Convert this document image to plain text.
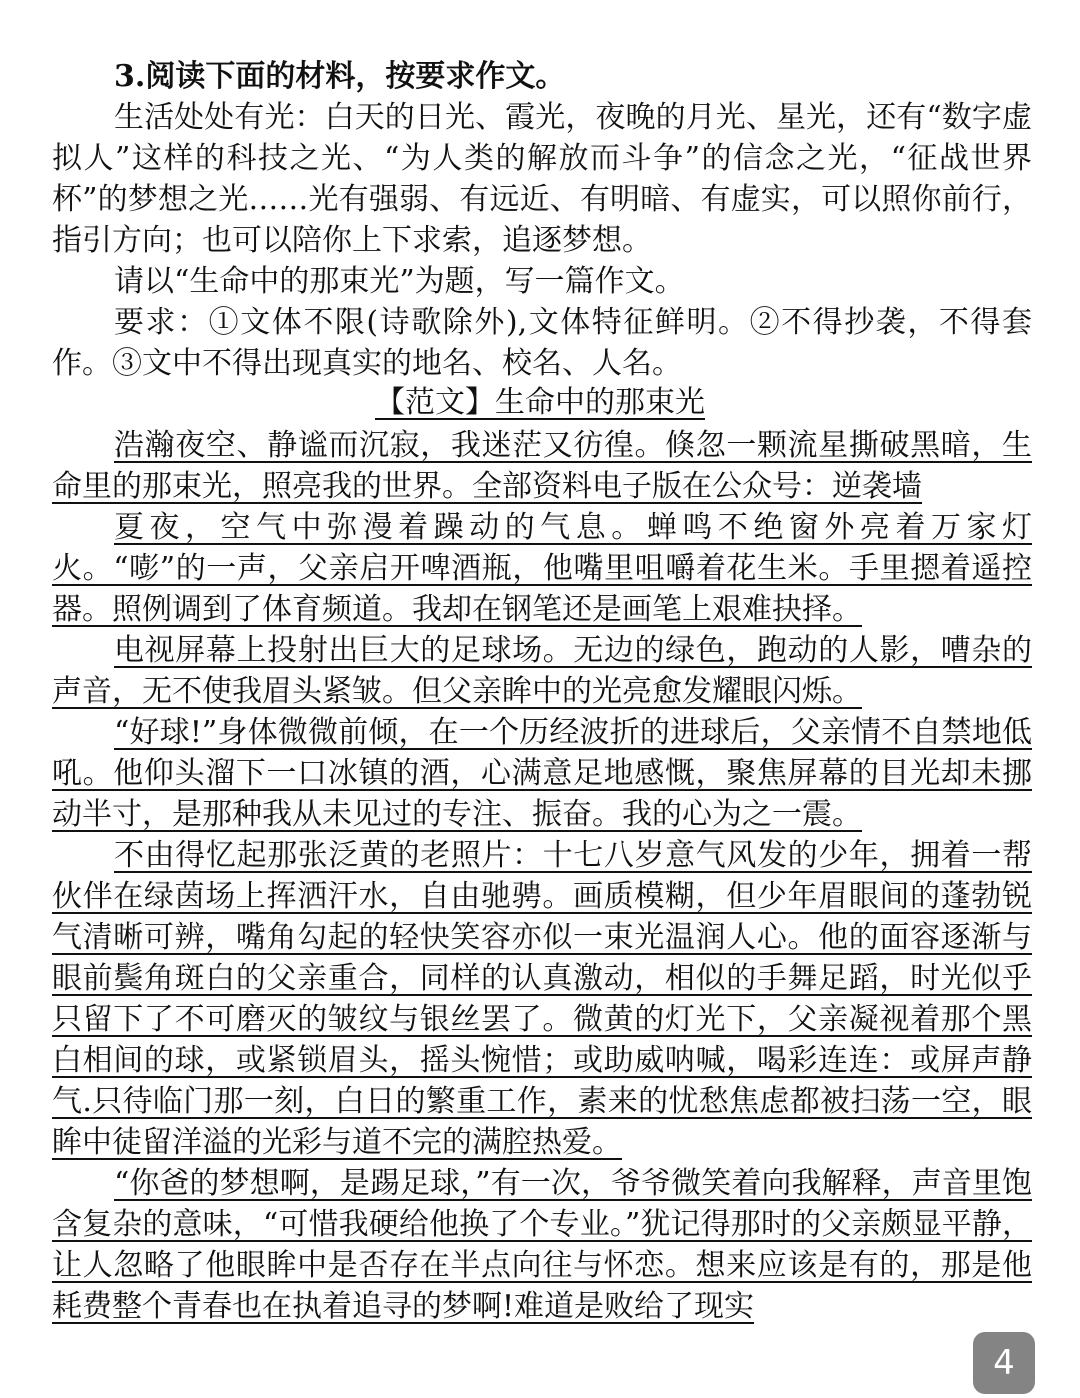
3.阅读下面的材料，按要求作文。

生活处处有光：白天的日光、霞光，夜晚的月光、星光，还有“数字虚拟人”这样的科技之光、“为人类的解放而斗争”的信念之光，“征战世界杯”的梦想之光……光有强弱、有远近、有明暗、有虚实，可以照你前行，指引方向；也可以陪你上下求索，追逐梦想。

请以“生命中的那束光”为题，写一篇作文。

要求：①文体不限(诗歌除外),文体特征鲜明。②不得抄袭，不得套作。③文中不得出现真实的地名、校名、人名。

【范文】生命中的那束光

浩瀚夜空、静谧而沉寂，我迷茫又彷徨。倏忽一颗流星撕破黑暗，生命里的那束光，照亮我的世界。全部资料电子版在公众号：逆袭墙

夏夜，空气中弥漫着躁动的气息。蝉鸣不绝窗外亮着万家灯火。“嘭”的一声，父亲启开啤酒瓶，他嘴里咀嚼着花生米。手里摁着遥控器。照例调到了体育频道。我却在钢笔还是画笔上艰难抉择。

电视屏幕上投射出巨大的足球场。无边的绿色，跑动的人影，嘈杂的声音，无不使我眉头紧皱。但父亲眸中的光亮愈发耀眼闪烁。

“好球!”身体微微前倾，在一个历经波折的进球后，父亲情不自禁地低吼。他仰头溜下一口冰镇的酒，心满意足地感慨，聚焦屏幕的目光却未挪动半寸，是那种我从未见过的专注、振奋。我的心为之一震。

不由得忆起那张泛黄的老照片：十七八岁意气风发的少年，拥着一帮伙伴在绿茵场上挥洒汗水，自由驰骋。画质模糊，但少年眉眼间的蓬勃锐气清晰可辨，嘴角勾起的轻快笑容亦似一束光温润人心。他的面容逐渐与眼前鬓角斑白的父亲重合，同样的认真激动，相似的手舞足蹈，时光似乎只留下了不可磨灭的皱纹与银丝罢了。微黄的灯光下，父亲凝视着那个黑白相间的球，或紧锁眉头，摇头惋惜；或助威呐喊，喝彩连连：或屏声静气.只待临门那一刻，白日的繁重工作，素来的忧愁焦虑都被扫荡一空，眼眸中徒留洋溢的光彩与道不完的满腔热爱。

“你爸的梦想啊，是踢足球，”有一次，爷爷微笑着向我解释，声音里饱含复杂的意味，“可惜我硬给他换了个专业。”犹记得那时的父亲颇显平静，让人忽略了他眼眸中是否存在半点向往与怀恋。想来应该是有的，那是他耗费整个青春也在执着追寻的梦啊!难道是败给了现实

4
